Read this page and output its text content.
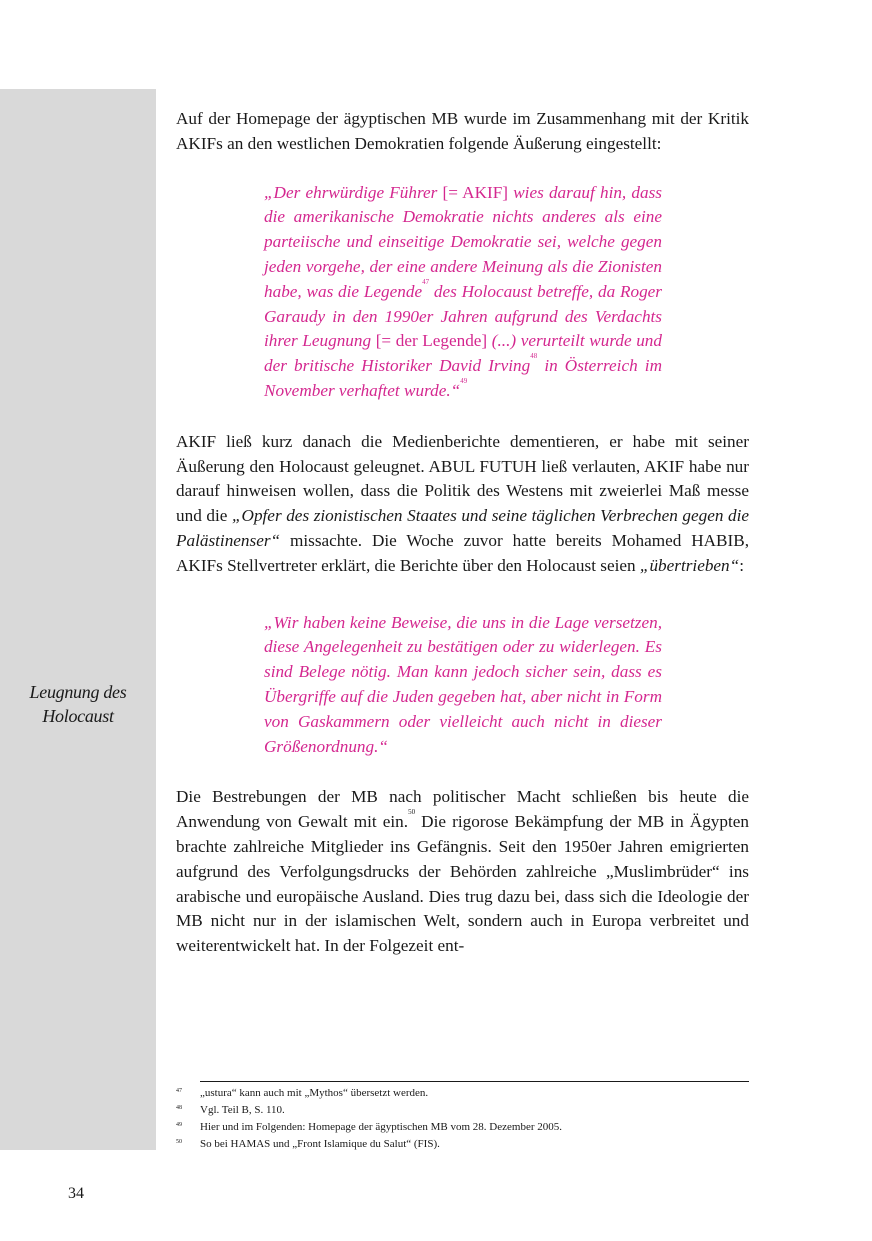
Leugnung des
Holocaust

Auf der Homepage der ägyptischen MB wurde im Zusammenhang mit der Kritik AKIFs an den westlichen Demokratien folgende Äußerung eingestellt:

„Der ehrwürdige Führer [= AKIF] wies darauf hin, dass die amerikanische Demokratie nichts anderes als eine parteiische und einseitige Demokratie sei, welche gegen jeden vorgehe, der eine andere Meinung als die Zionisten habe, was die Legende$^{47}$ des Holocaust betreffe, da Roger Garaudy in den 1990er Jahren aufgrund des Verdachts ihrer Leugnung [= der Legende] (...) verurteilt wurde und der britische Historiker David Irving$^{48}$ in Österreich im November verhaftet wurde.“$^{49}$

AKIF ließ kurz danach die Medienberichte dementieren, er habe mit seiner Äußerung den Holocaust geleugnet. ABUL FUTUH ließ verlauten, AKIF habe nur darauf hinweisen wollen, dass die Politik des Westens mit zweierlei Maß messe und die „Opfer des zionistischen Staates und seine täglichen Verbrechen gegen die Palästinenser“ missachte. Die Woche zuvor hatte bereits Mohamed HABIB, AKIFs Stellvertreter erklärt, die Berichte über den Holocaust seien „übertrieben“:

„Wir haben keine Beweise, die uns in die Lage versetzen, diese Angelegenheit zu bestätigen oder zu widerlegen. Es sind Belege nötig. Man kann jedoch sicher sein, dass es Übergriffe auf die Juden gegeben hat, aber nicht in Form von Gaskammern oder vielleicht auch nicht in dieser Größenordnung.“

Die Bestrebungen der MB nach politischer Macht schließen bis heute die Anwendung von Gewalt mit ein.$^{50}$ Die rigorose Bekämpfung der MB in Ägypten brachte zahlreiche Mitglieder ins Gefängnis. Seit den 1950er Jahren emigrierten aufgrund des Verfolgungsdrucks der Behörden zahlreiche „Muslimbrüder“ ins arabische und europäische Ausland. Dies trug dazu bei, dass sich die Ideologie der MB nicht nur in der islamischen Welt, sondern auch in Europa verbreitet und weiterentwickelt hat. In der Folgezeit ent-

47 „ustura“ kann auch mit „Mythos“ übersetzt werden.
48 Vgl. Teil B, S. 110.
49 Hier und im Folgenden: Homepage der ägyptischen MB vom 28. Dezember 2005.
50 So bei HAMAS und „Front Islamique du Salut“ (FIS).
34
